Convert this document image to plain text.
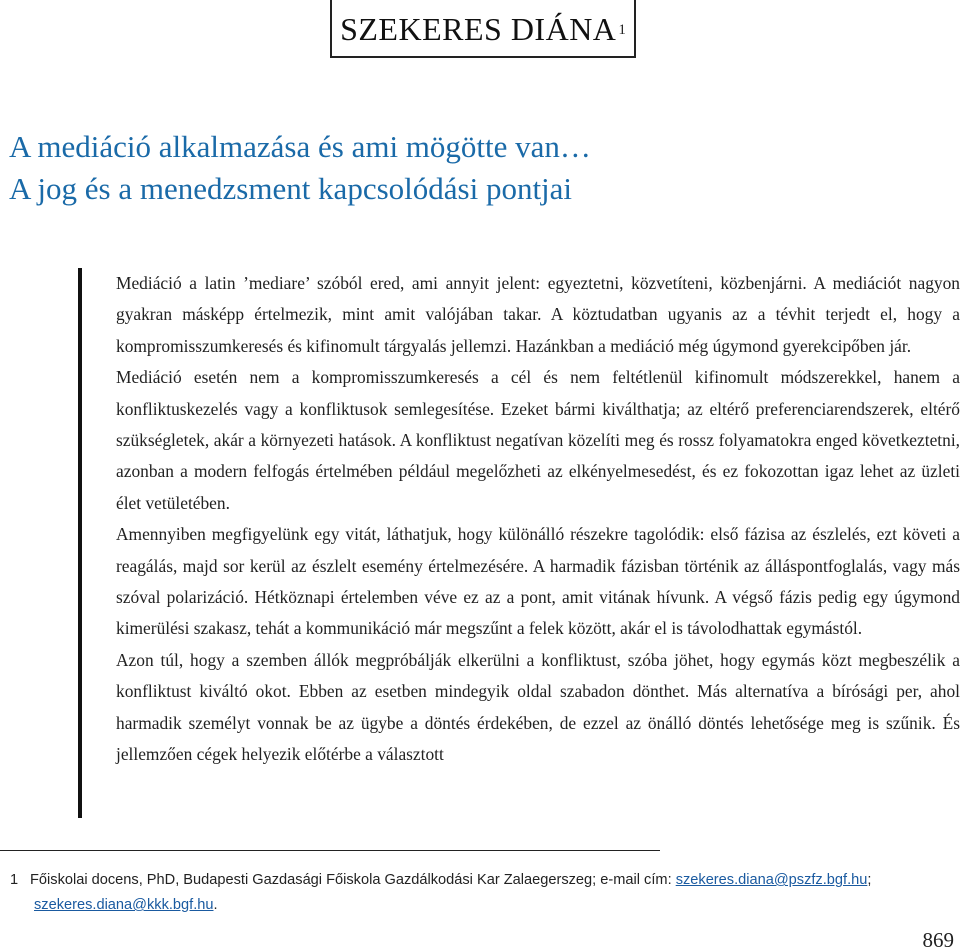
SZEKERES DIÁNA 1
A mediáció alkalmazása és ami mögötte van…
A jog és a menedzsment kapcsolódási pontjai

Mediáció a latin ’mediare’ szóból ered, ami annyit jelent: egyeztetni, közvetíteni, közbenjárni. A mediációt nagyon gyakran másképp értelmezik, mint amit valójában takar. A köztudatban ugyanis az a tévhit terjedt el, hogy a kompromisszumkeresés és kifinomult tárgyalás jellemzi. Hazánkban a mediáció még úgymond gyerekcipőben jár.

Mediáció esetén nem a kompromisszumkeresés a cél és nem feltétlenül kifinomult módszerekkel, hanem a konfliktuskezelés vagy a konfliktusok semlegesítése. Ezeket bármi kiválthatja; az eltérő preferenciarendszerek, eltérő szükségletek, akár a környezeti hatások. A konfliktust negatívan közelíti meg és rossz folyamatokra enged következtetni, azonban a modern felfogás értelmében például megelőzheti az elkényelmesedést, és ez fokozottan igaz lehet az üzleti élet vetületében.

Amennyiben megfigyelünk egy vitát, láthatjuk, hogy különálló részekre tagolódik: első fázisa az észlelés, ezt követi a reagálás, majd sor kerül az észlelt esemény értelmezésére. A harmadik fázisban történik az álláspontfoglalás, vagy más szóval polarizáció. Hétköznapi értelemben véve ez az a pont, amit vitának hívunk. A végső fázis pedig egy úgymond kimerülési szakasz, tehát a kommunikáció már megszűnt a felek között, akár el is távolodhattak egymástól.

Azon túl, hogy a szemben állók megpróbálják elkerülni a konfliktust, szóba jöhet, hogy egymás közt megbeszélik a konfliktust kiváltó okot. Ebben az esetben mindegyik oldal szabadon dönthet. Más alternatíva a bírósági per, ahol harmadik személyt vonnak be az ügybe a döntés érdekében, de ezzel az önálló döntés lehetősége meg is szűnik. És jellemzően cégek helyezik előtérbe a választott

1 Főiskolai docens, PhD, Budapesti Gazdasági Főiskola Gazdálkodási Kar Zalaegerszeg; e-mail cím: szekeres.diana@pszfz.bgf.hu;
szekeres.diana@kkk.bgf.hu.
869
